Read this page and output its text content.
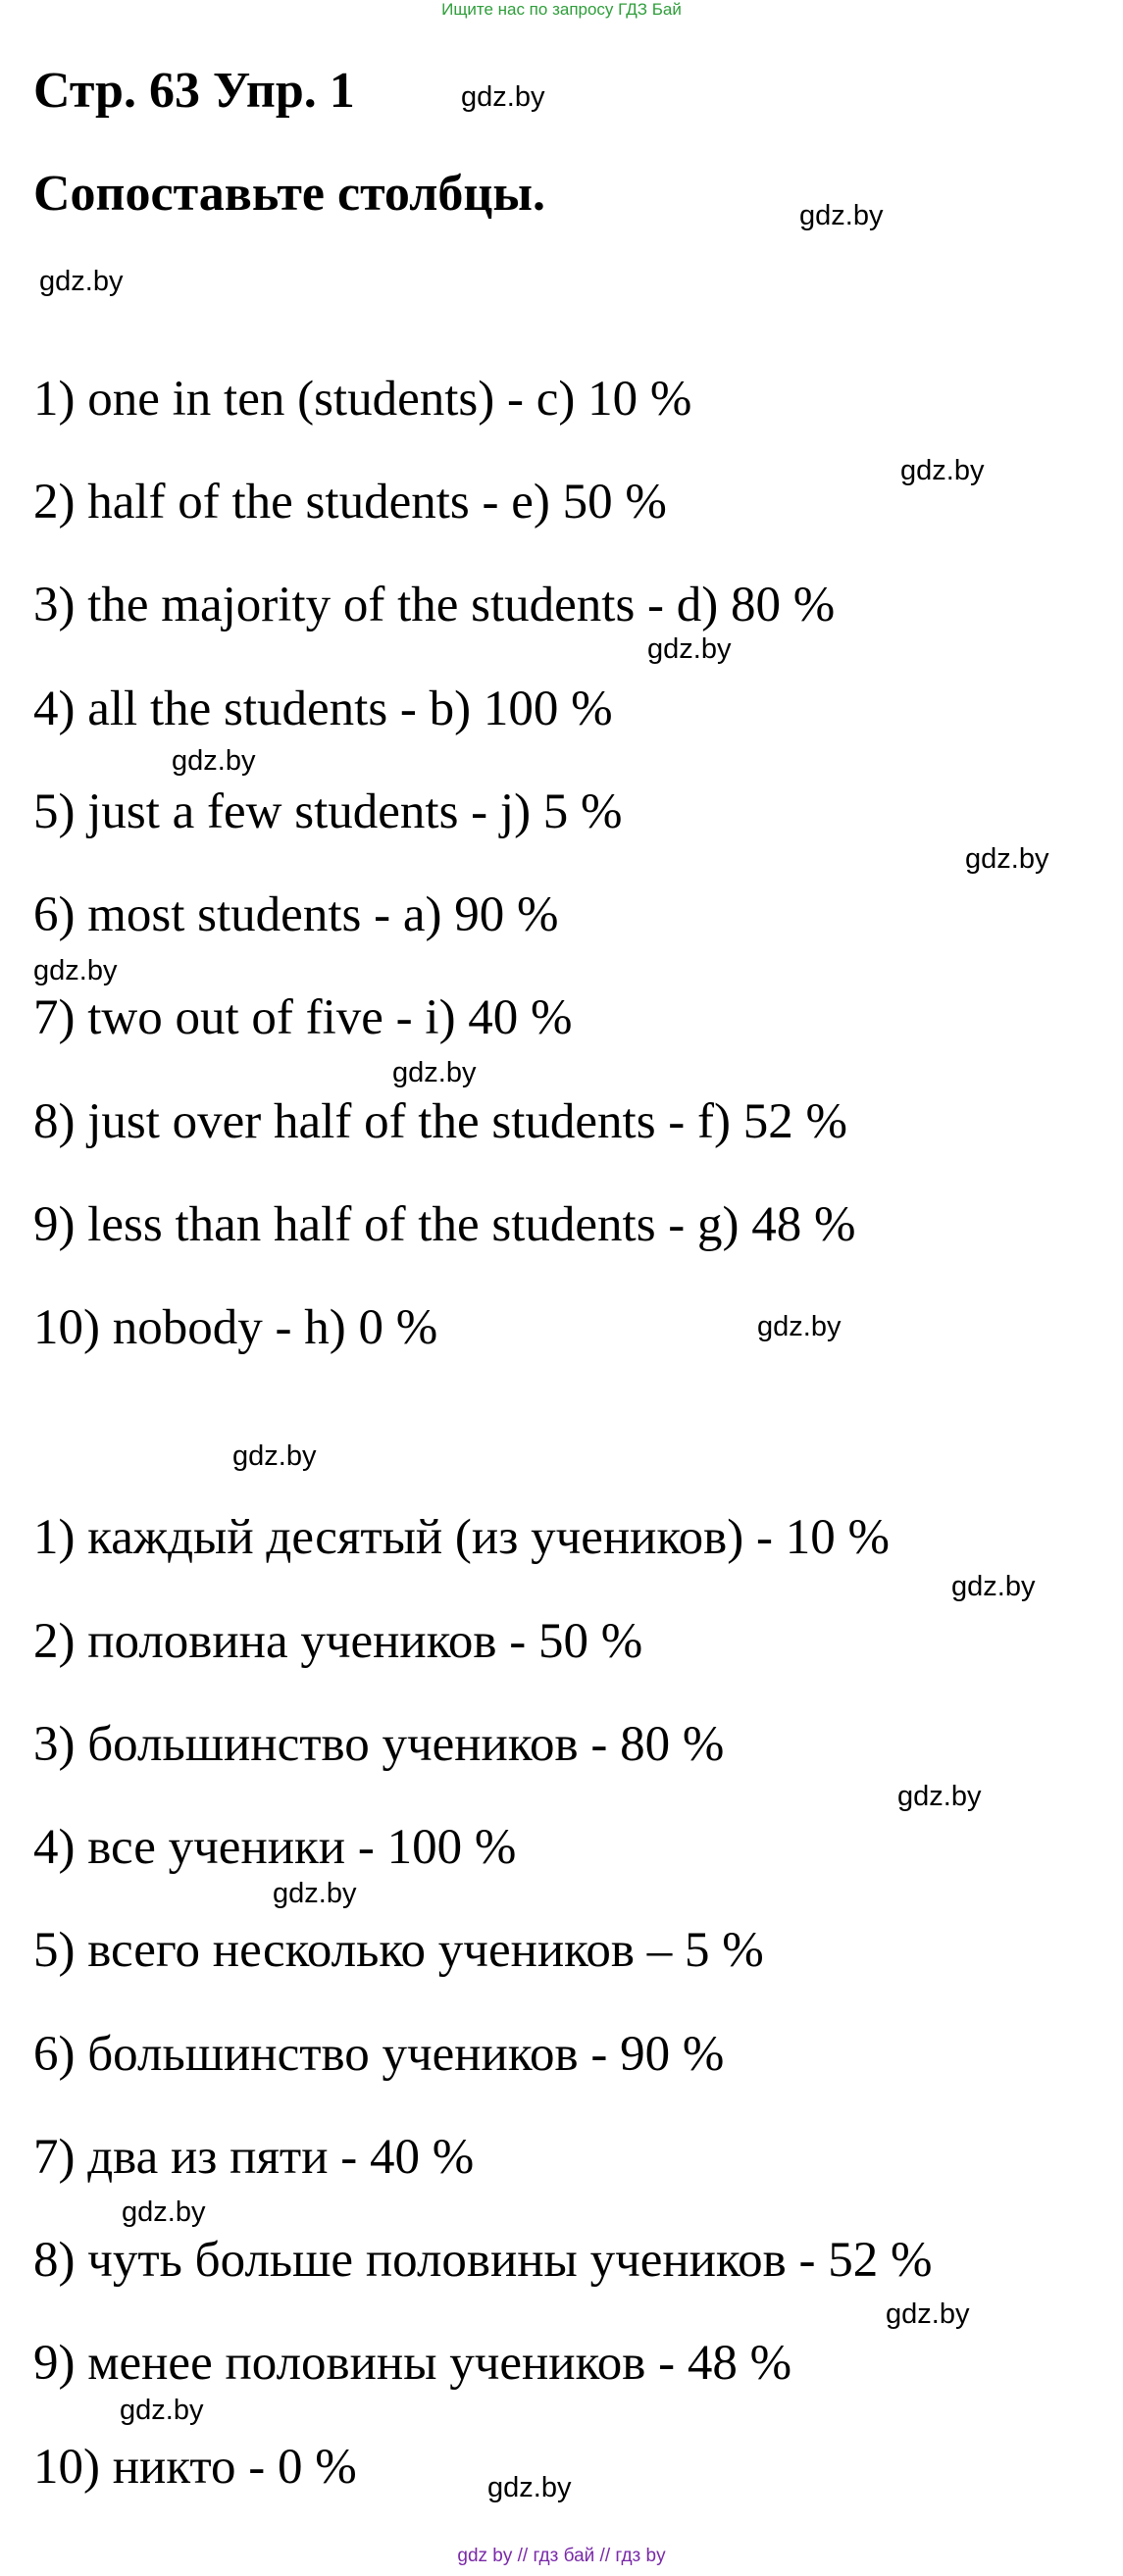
Ищите нас по запросу ГДЗ Бай
Стр. 63 Упр. 1
Сопоставьте столбцы.
1) one in ten (students) - c) 10 %
2) half of the students - e) 50 %
3) the majority of the students - d) 80 %
4) all the students - b) 100 %
5) just a few students - j) 5 %
6) most students - a) 90 %
7) two out of five - i) 40 %
8) just over half of the students - f) 52 %
9) less than half of the students - g) 48 %
10) nobody - h) 0 %
1) каждый десятый (из учеников) - 10 %
2) половина учеников - 50 %
3) большинство учеников - 80 %
4) все ученики - 100 %
5) всего несколько учеников – 5 %
6) большинство учеников - 90 %
7) два из пяти - 40 %
8) чуть больше половины учеников - 52 %
9) менее половины учеников - 48 %
10) никто - 0 %
gdz.by
gdz.by
gdz.by
gdz.by
gdz.by
gdz.by
gdz.by
gdz.by
gdz.by
gdz.by
gdz.by
gdz.by
gdz.by
gdz.by
gdz.by
gdz.by
gdz.by
gdz.by
gdz by // гдз бай // гдз by
